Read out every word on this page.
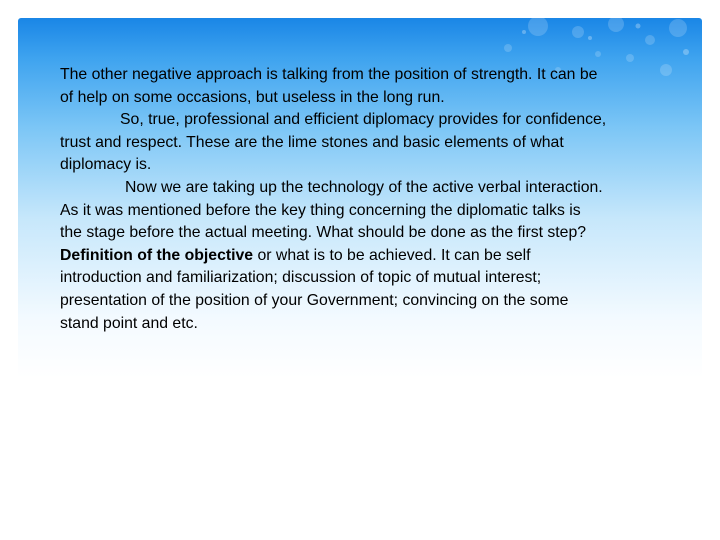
The other negative approach is talking from the position of strength. It can be
of help on some occasions, but useless in the long run.
So, true, professional and efficient diplomacy provides for confidence,
trust and respect. These are the lime stones and basic elements of what
diplomacy is.
Now we are taking up the technology of the active verbal interaction.
As it was mentioned before the key thing concerning the diplomatic talks is
the stage before the actual meeting. What should be done as the first step?
Definition of the objective or what is to be achieved. It can be self
introduction and familiarization; discussion of topic of mutual interest;
presentation of the position of your Government; convincing on the some
stand point and etc.
